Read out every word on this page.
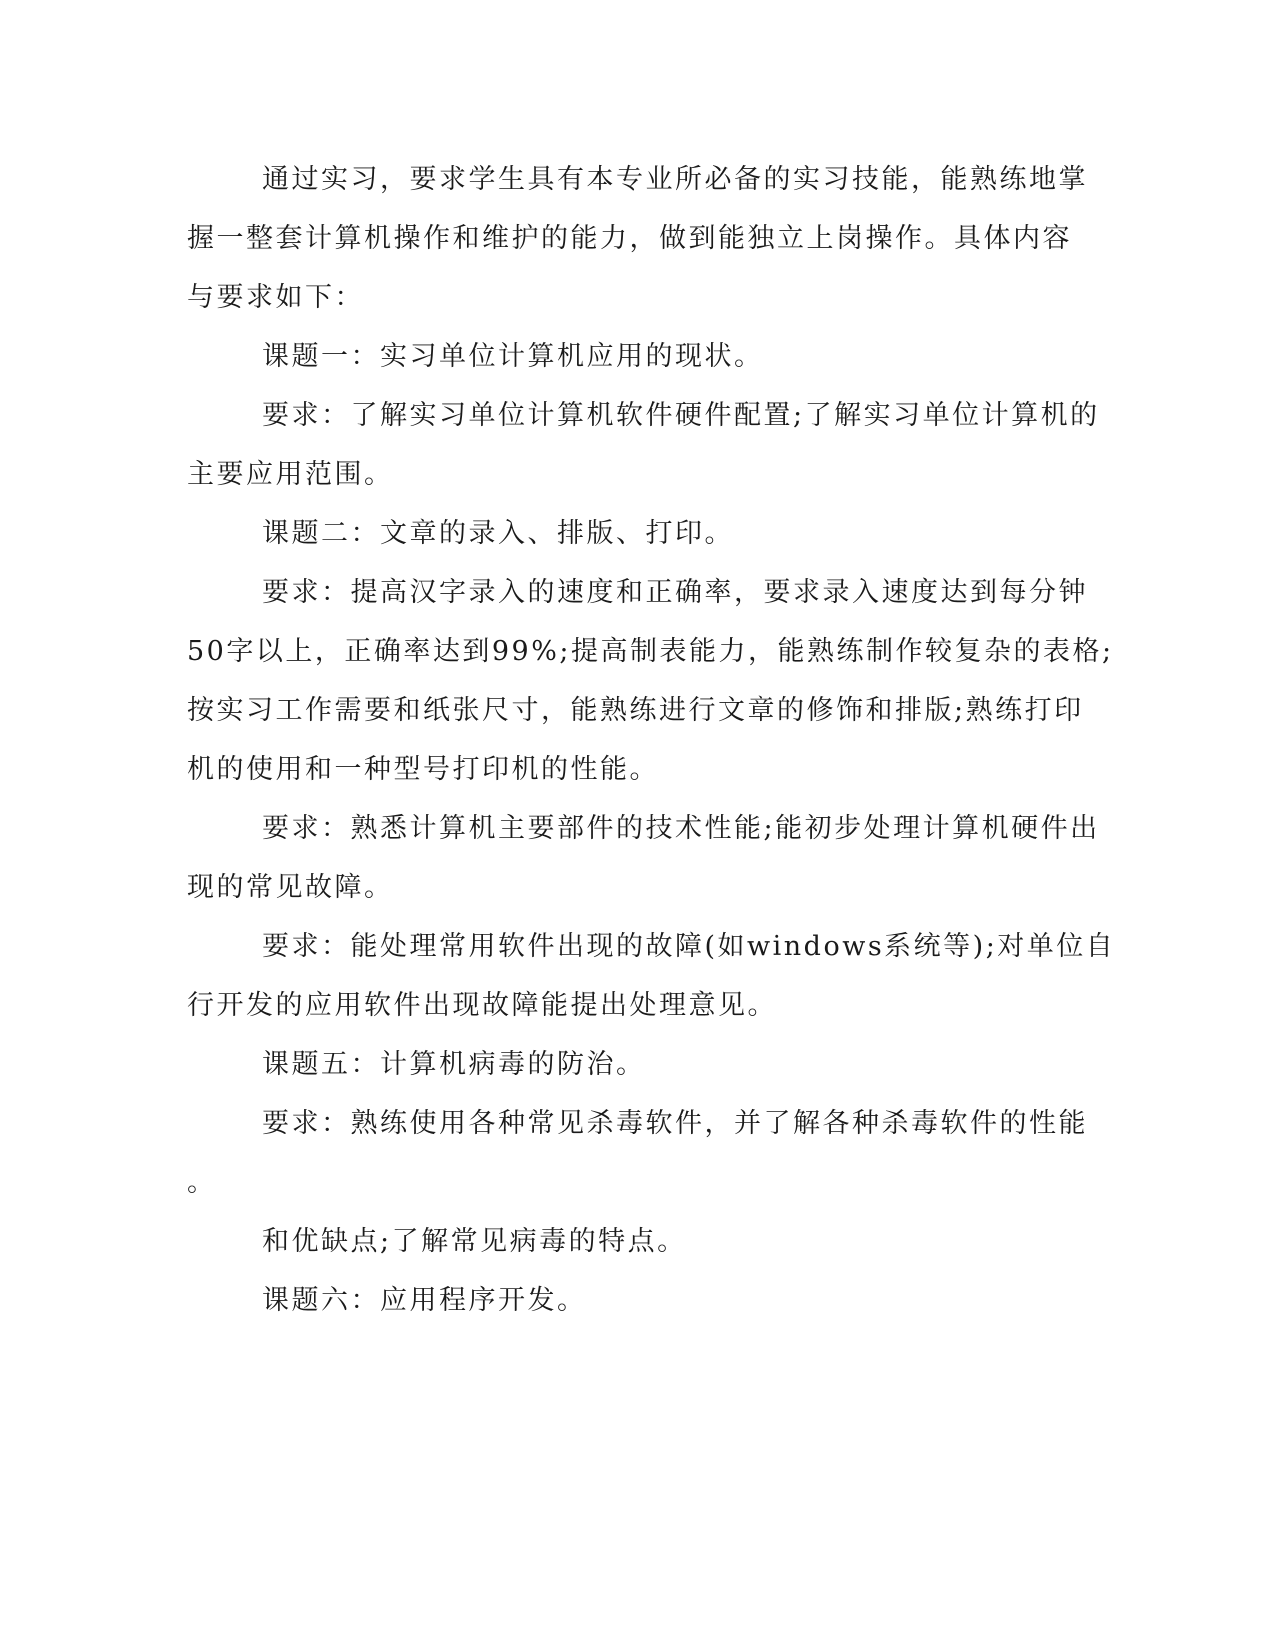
通过实习，要求学生具有本专业所必备的实习技能，能熟练地掌
握一整套计算机操作和维护的能力，做到能独立上岗操作。具体内容
与要求如下：
课题一：实习单位计算机应用的现状。
要求：了解实习单位计算机软件硬件配置;了解实习单位计算机的
主要应用范围。
课题二：文章的录入、排版、打印。
要求：提高汉字录入的速度和正确率，要求录入速度达到每分钟
50字以上，正确率达到99%;提高制表能力，能熟练制作较复杂的表格;
按实习工作需要和纸张尺寸，能熟练进行文章的修饰和排版;熟练打印
机的使用和一种型号打印机的性能。
要求：熟悉计算机主要部件的技术性能;能初步处理计算机硬件出
现的常见故障。
要求：能处理常用软件出现的故障(如windows系统等);对单位自
行开发的应用软件出现故障能提出处理意见。
课题五：计算机病毒的防治。
要求：熟练使用各种常见杀毒软件，并了解各种杀毒软件的性能
。
和优缺点;了解常见病毒的特点。
课题六：应用程序开发。
